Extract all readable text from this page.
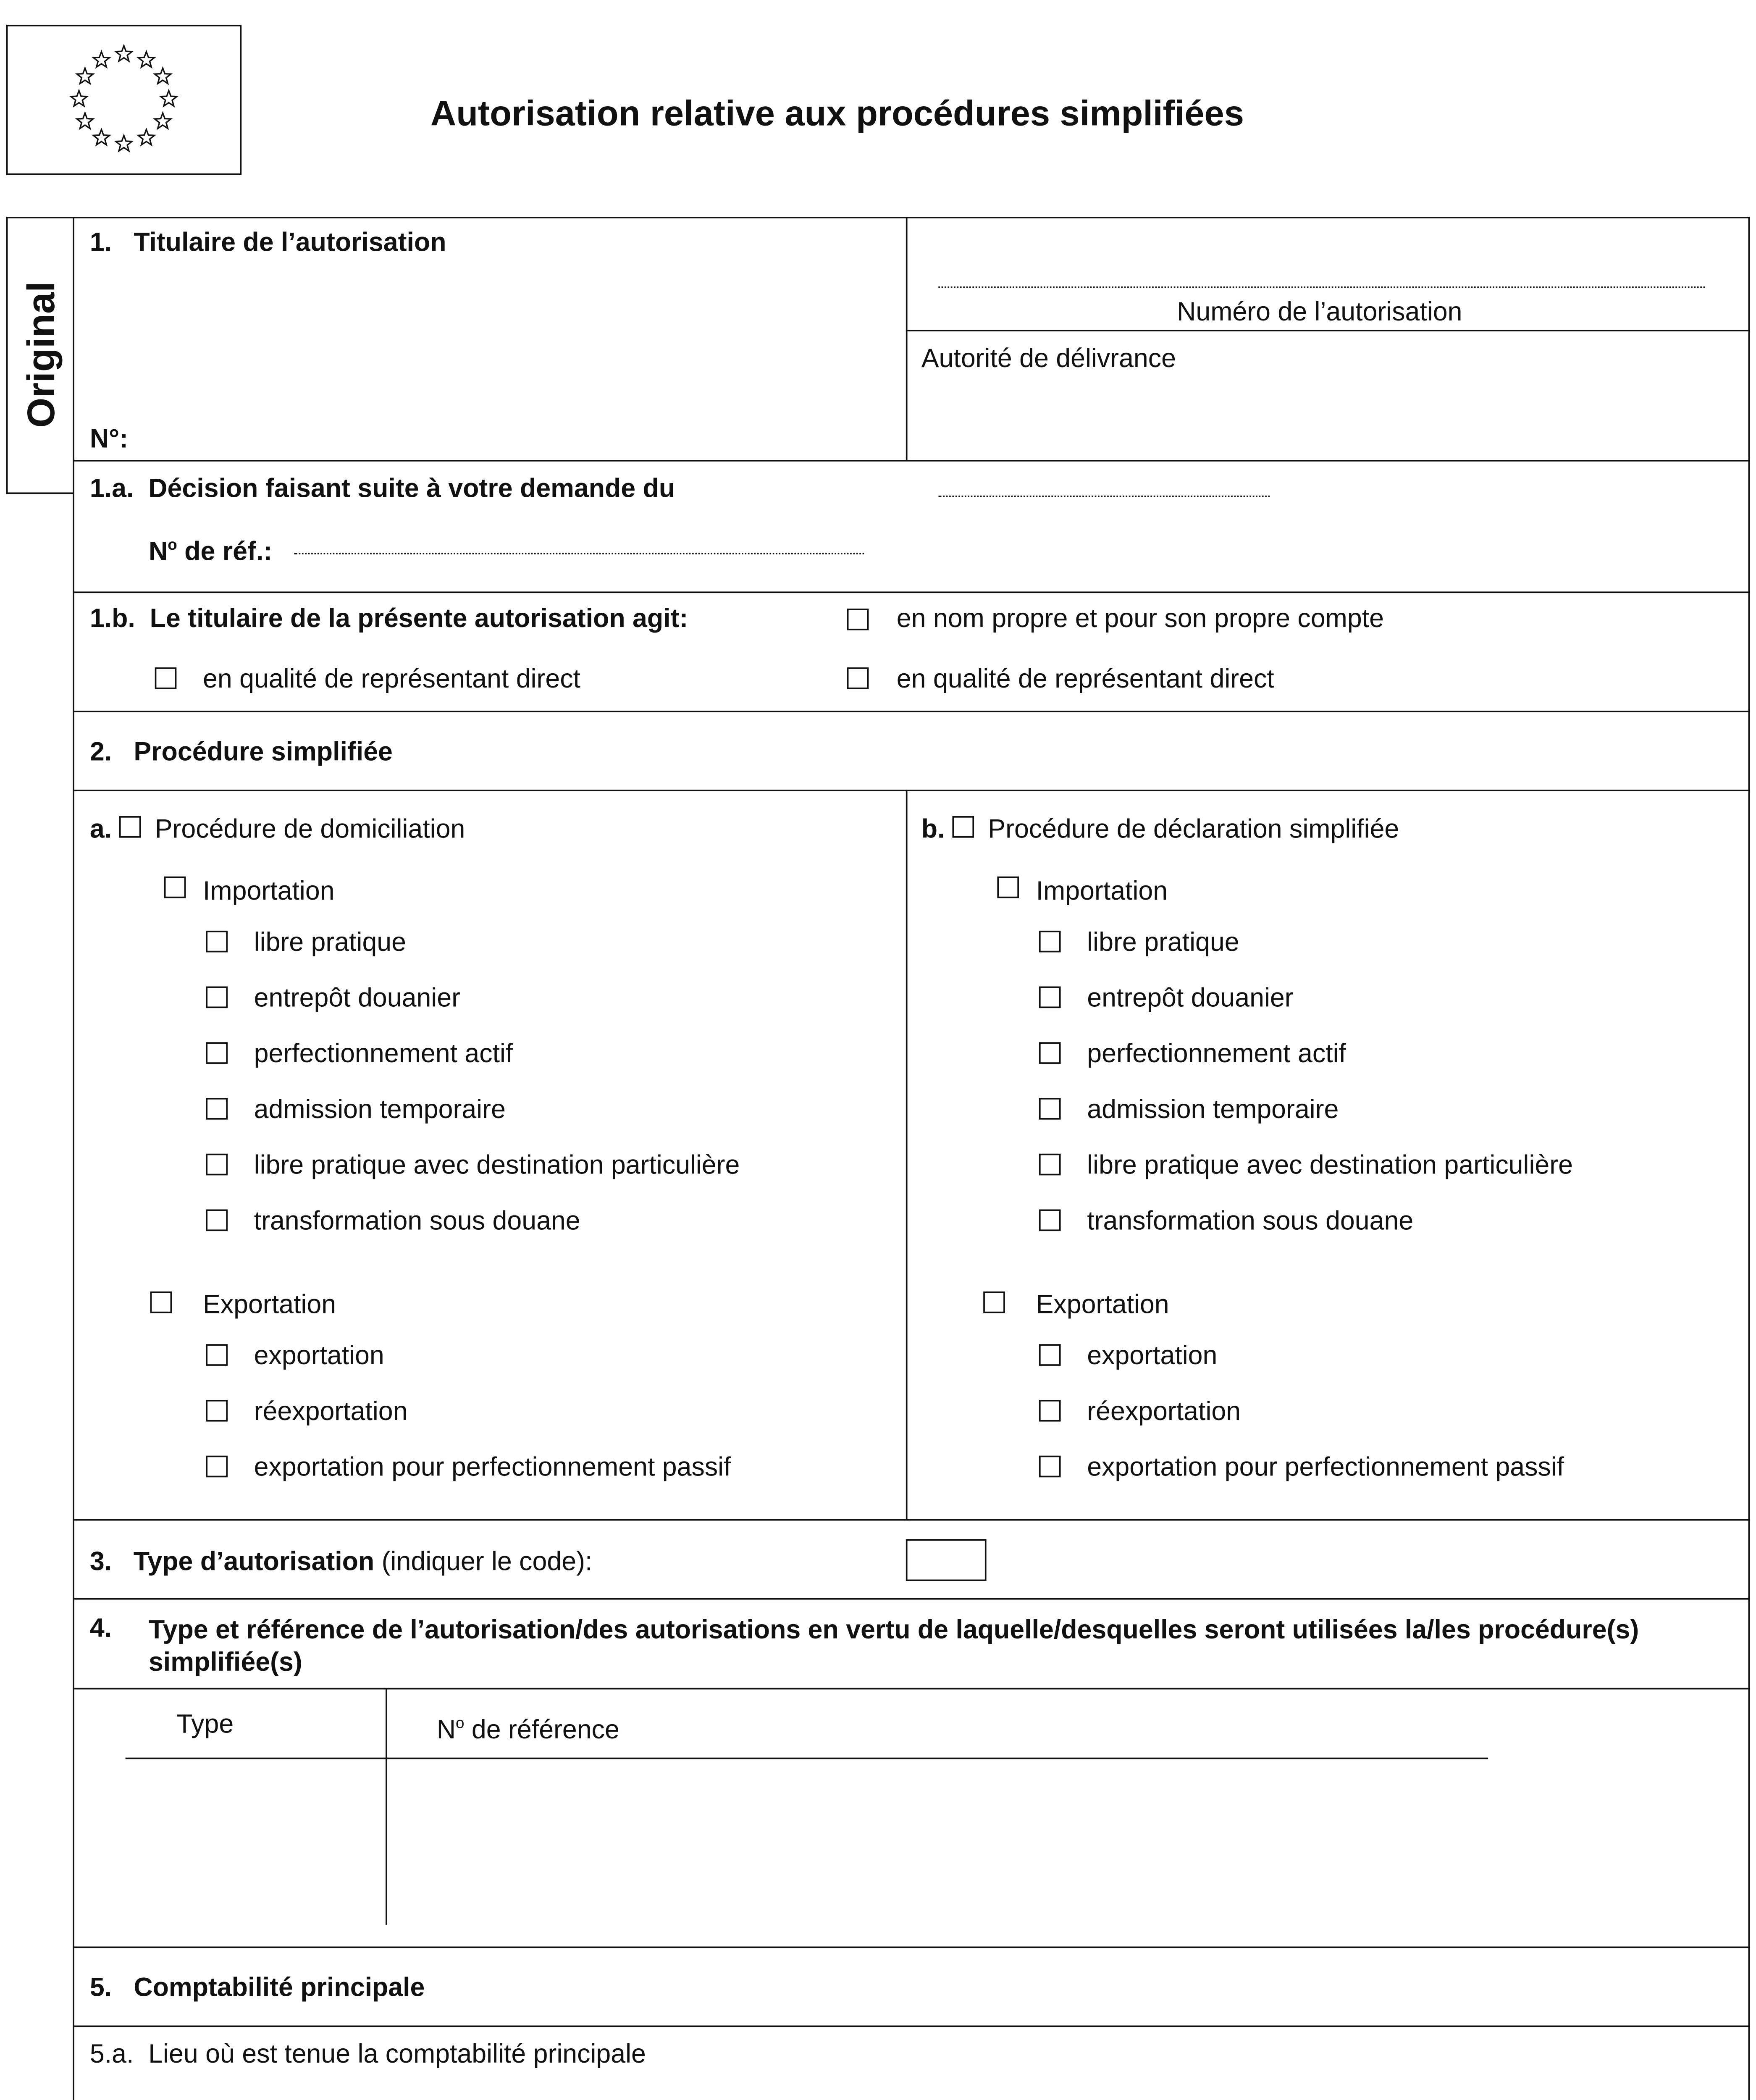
Autorisation relative aux procédures simplifiées
Original
1.   Titulaire de l’autorisation
N°:
Numéro de l’autorisation
Autorité de délivrance
1.a.  Décision faisant suite à votre demande du
$N^o$ de réf.:
1.b.  Le titulaire de la présente autorisation agit:	en nom propre et pour son propre compte
en qualité de représentant direct	en qualité de représentant direct
2.   Procédure simplifiée
a.	Procédure de domiciliation
Importation
libre pratique
entrepôt douanier
perfectionnement actif
admission temporaire
libre pratique avec destination particulière
transformation sous douane
Exportation
exportation
réexportation
exportation pour perfectionnement passif
b.	Procédure de déclaration simplifiée
Importation
libre pratique
entrepôt douanier
perfectionnement actif
admission temporaire
libre pratique avec destination particulière
transformation sous douane
Exportation
exportation
réexportation
exportation pour perfectionnement passif
3.	Type d’autorisation (indiquer le code):
4.	Type et référence de l’autorisation/des autorisations en vertu de laquelle/desquelles seront utilisées la/les procédure(s) simplifiée(s)
Type	$N^o$ de référence
5.   Comptabilité principale
5.a.  Lieu où est tenue la comptabilité principale
